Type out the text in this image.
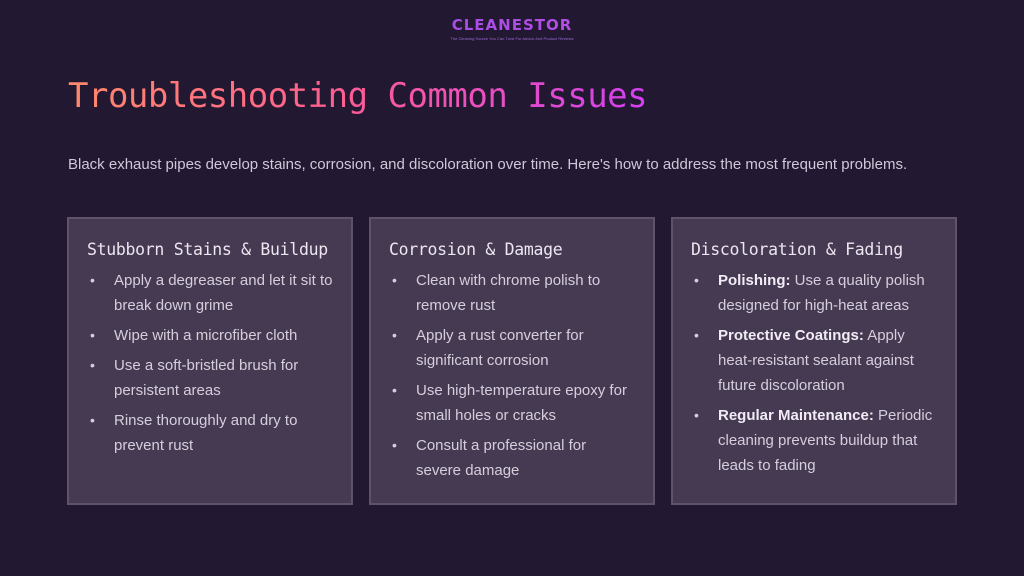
CLEANESTOR
The Cleaning Source You Can Trust For Advice And Product Reviews
Troubleshooting Common Issues

Black exhaust pipes develop stains, corrosion, and discoloration over time. Here's how to address the most frequent problems.

Stubborn Stains & Buildup
• Apply a degreaser and let it sit to break down grime
• Wipe with a microfiber cloth
• Use a soft-bristled brush for persistent areas
• Rinse thoroughly and dry to prevent rust
Corrosion & Damage
• Clean with chrome polish to remove rust
• Apply a rust converter for significant corrosion
• Use high-temperature epoxy for small holes or cracks
• Consult a professional for severe damage
Discoloration & Fading
• Polishing: Use a quality polish designed for high-heat areas
• Protective Coatings: Apply heat-resistant sealant against future discoloration
• Regular Maintenance: Periodic cleaning prevents buildup that leads to fading
